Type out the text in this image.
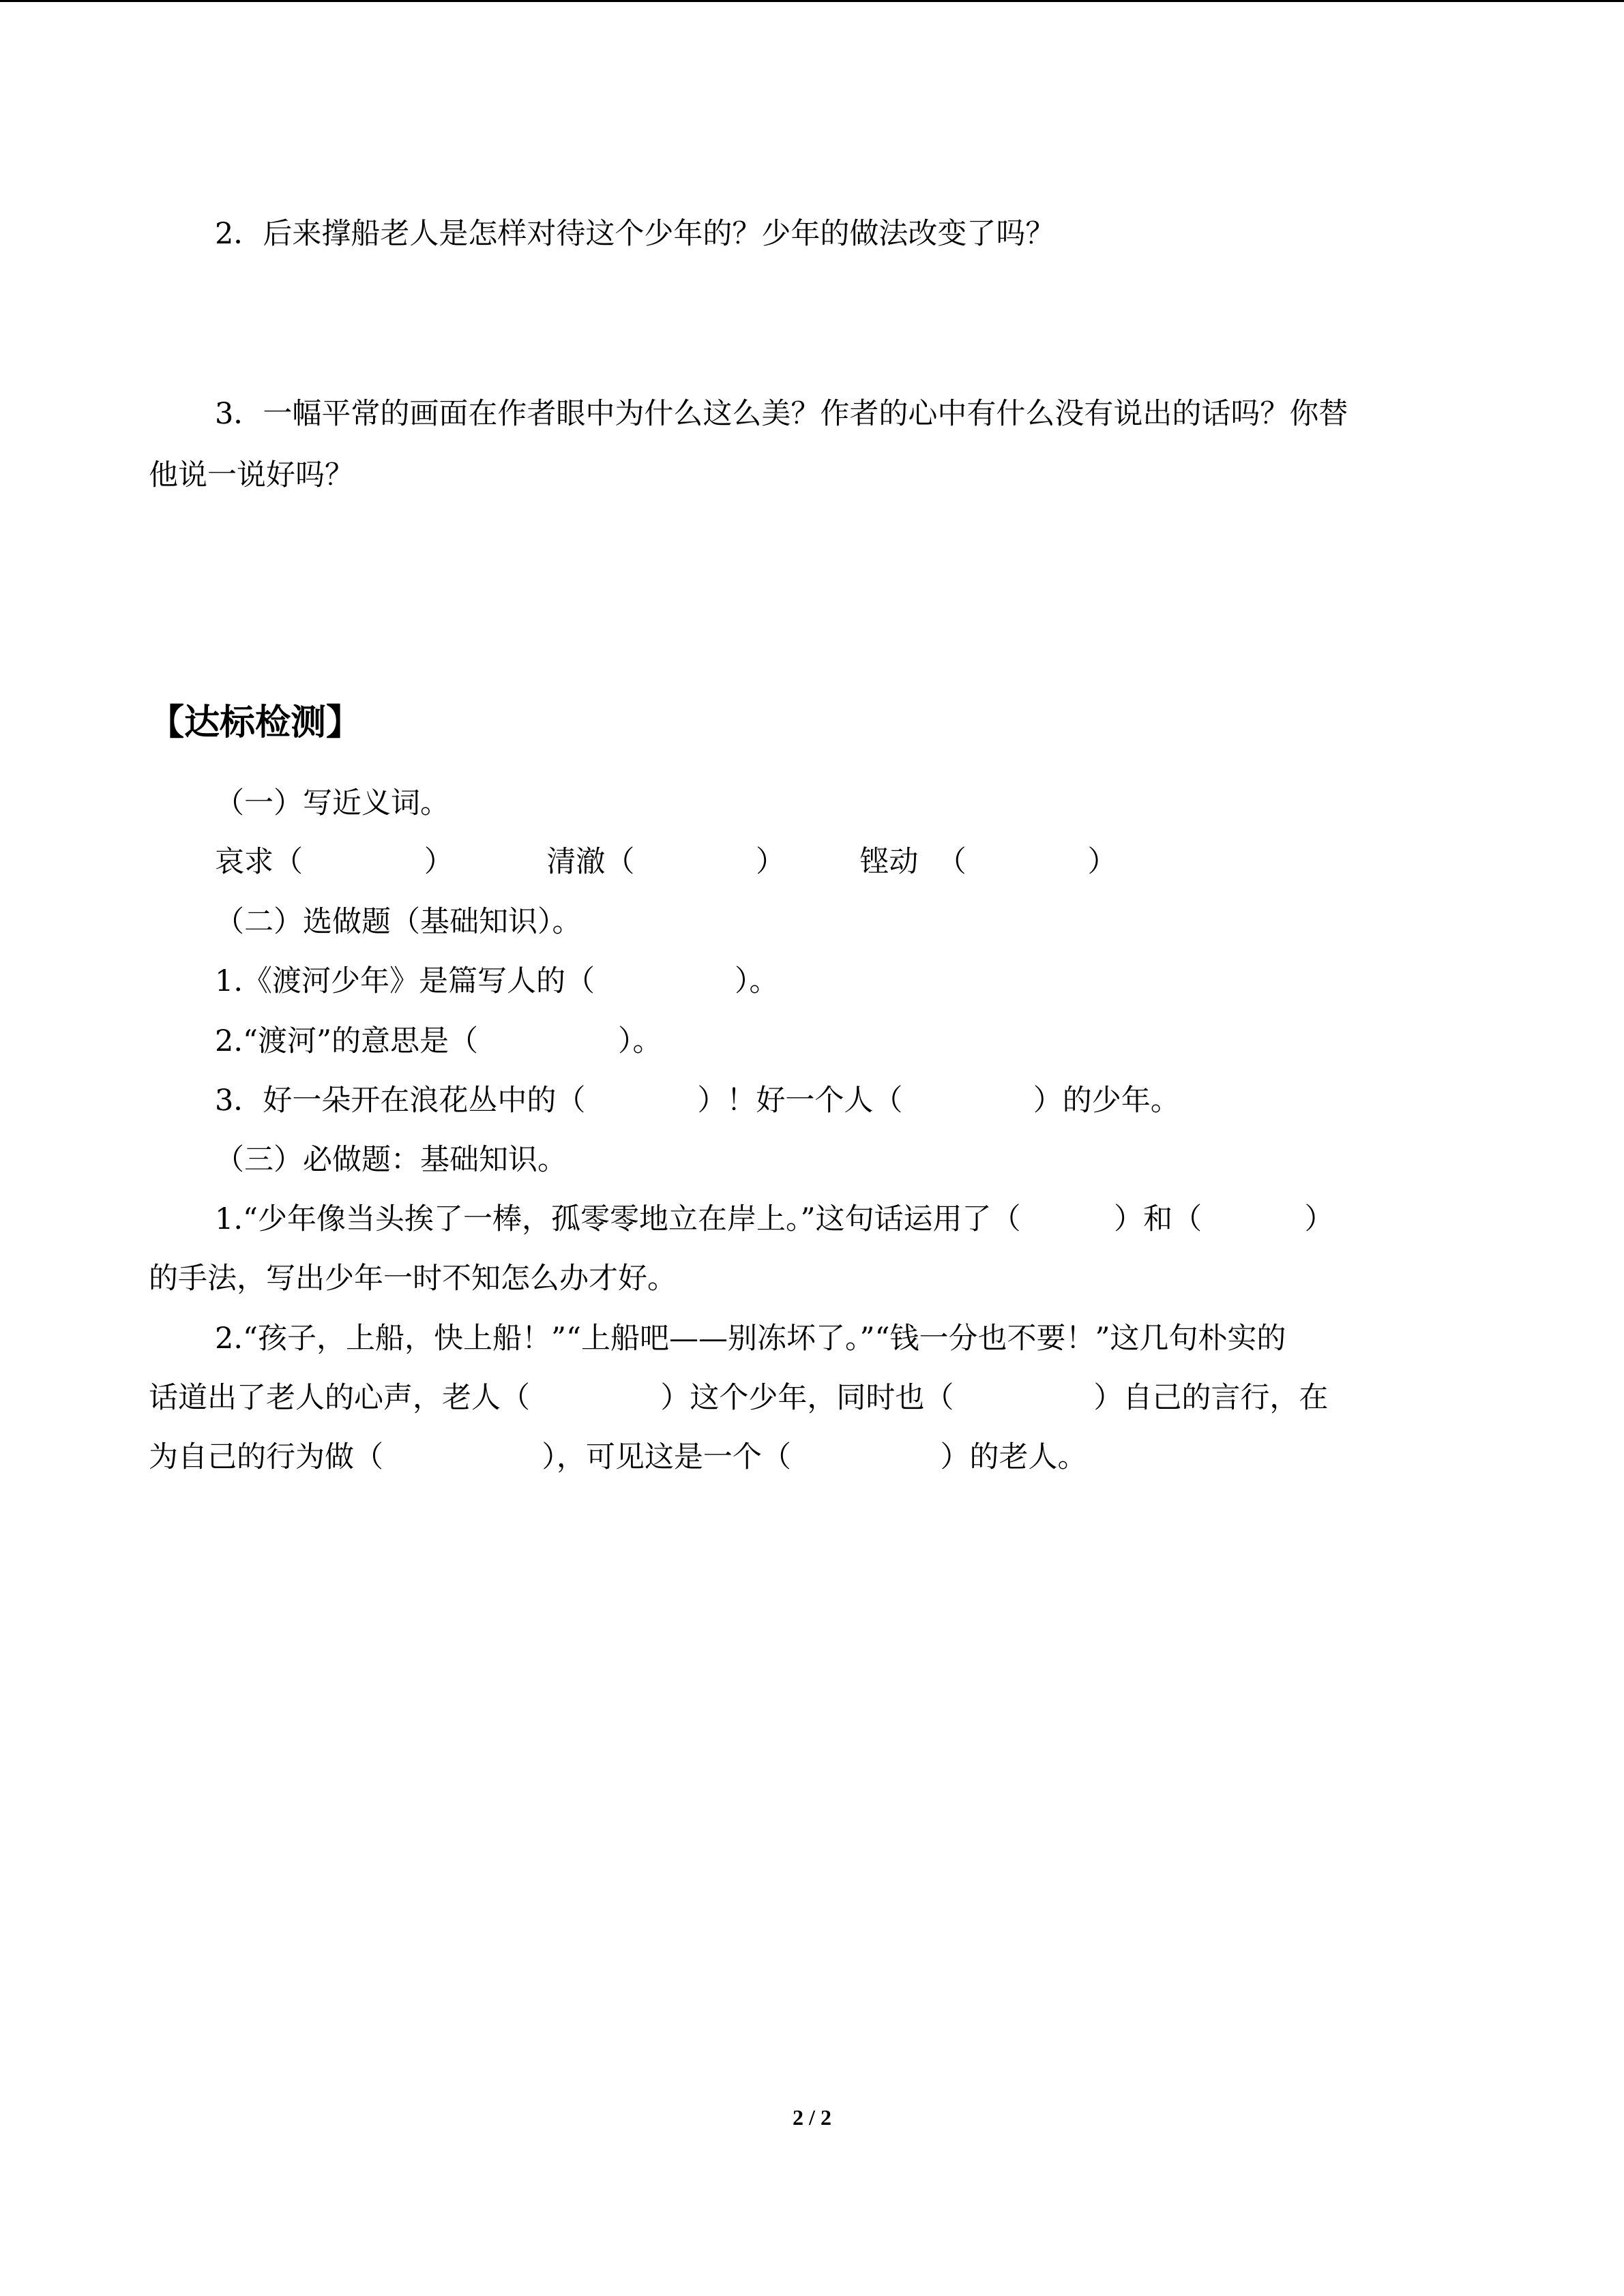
2．后来撑船老人是怎样对待这个少年的？少年的做法改变了吗？
3．一幅平常的画面在作者眼中为什么这么美？作者的心中有什么没有说出的话吗？你替
他说一说好吗？
【达标检测】
（一）写近义词。
哀求（             ）          清澈（             ）        铿动  （             ）
（二）选做题（基础知识）。
1.《渡河少年》是篇写人的（               ）。
2.“渡河”的意思是（               ）。
3．好一朵开在浪花丛中的（            ）！好一个人（              ）的少年。
（三）必做题：基础知识。
1.“少年像当头挨了一棒，孤零零地立在岸上。”这句话运用了（          ）和（           ）
的手法，写出少年一时不知怎么办才好。
2.“孩子，上船，快上船！”“上船吧——别冻坏了。”“钱一分也不要！”这几句朴实的
话道出了老人的心声，老人（              ）这个少年，同时也（               ）自己的言行，在
为自己的行为做（                 ），可见这是一个（                ）的老人。
2 / 2
